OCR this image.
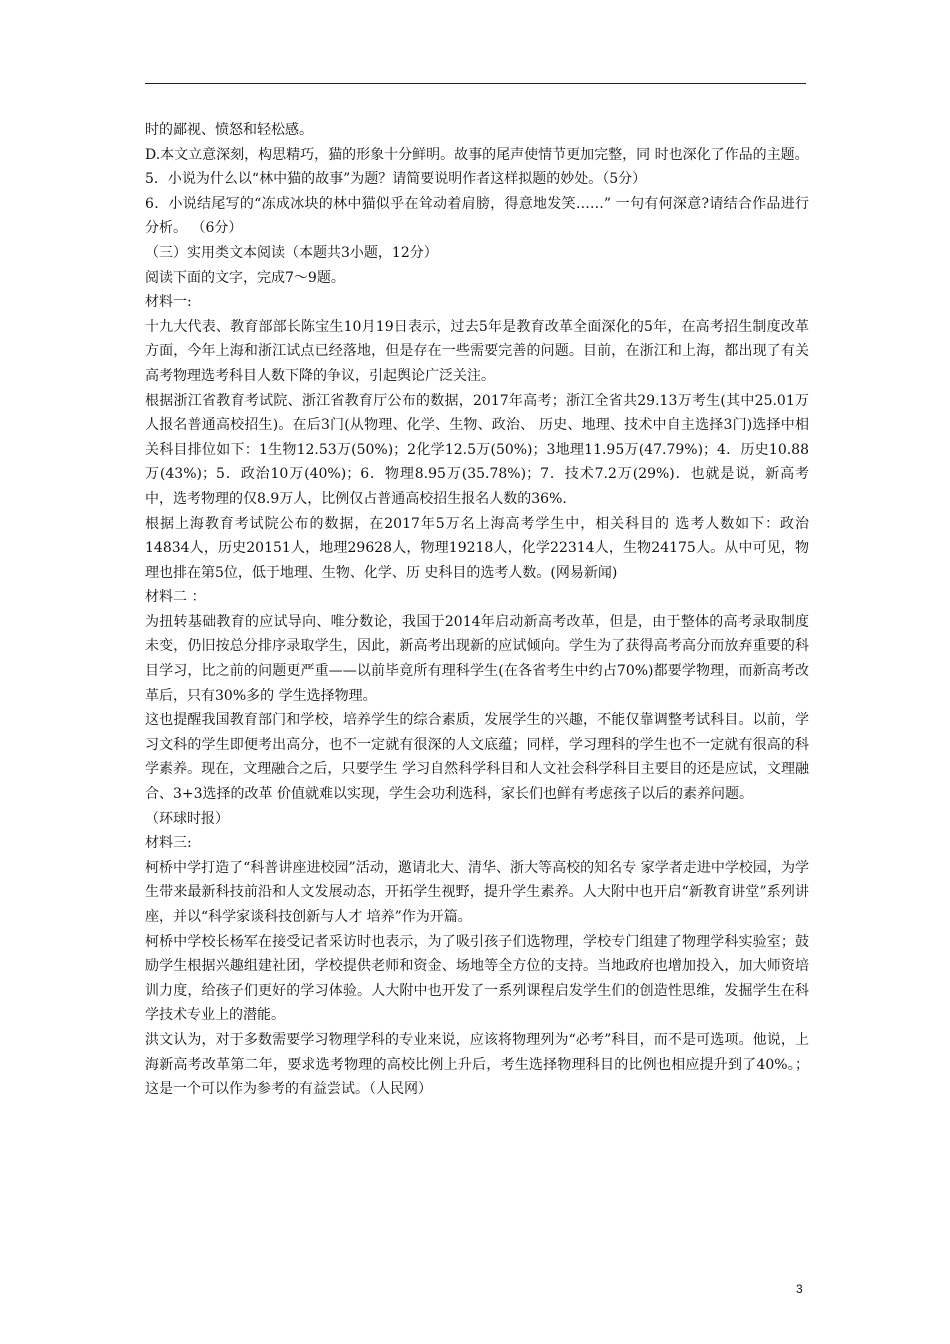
时的鄙视、愤怒和轻松感。

D.本文立意深刻，构思精巧，猫的形象十分鲜明。故事的尾声使情节更加完整，同 时也深化了作品的主题。

5．小说为什么以“林中猫的故事”为题？请简要说明作者这样拟题的妙处。（5分）

6．小说结尾写的“冻成冰块的林中猫似乎在耸动着肩膀，得意地发笑……” 一句有何深意?请结合作品进行分析。 （6分）

（三）实用类文本阅读（本题共3小题，12分）

阅读下面的文字，完成7〜9题。

材料一:

十九大代表、教育部部长陈宝生10月19日表示，过去5年是教育改革全面深化的5年，在高考招生制度改革方面，今年上海和浙江试点已经落地，但是存在一些需要完善的问题。目前，在浙江和上海，都出现了有关高考物理选考科目人数下降的争议，引起舆论广泛关注。

根据浙江省教育考试院、浙江省教育厅公布的数据，2017年高考；浙江全省共29.13万考生(其中25.01万人报名普通高校招生)。在后3门(从物理、化学、生物、政治、 历史、地理、技术中自主选择3门)选择中相关科目排位如下：1生物12.53万(50%)；2化学12.5万(50%)；3地理11.95万(47.79%)；4．历史10.88万(43%)；5．政治10万(40%)；6．物理8.95万(35.78%)；7．技术7.2万(29%)．也就是说，新高考中，选考物理的仅8.9万人，比例仅占普通高校招生报名人数的36%.

根据上海教育考试院公布的数据，在2017年5万名上海高考学生中，相关科目的 选考人数如下：政治14834人，历史20151人，地理29628人，物理19218人，化学22314人，生物24175人。从中可见，物理也排在第5位，低于地理、生物、化学、历 史科目的选考人数。(网易新闻)

材料二 ：

为扭转基础教育的应试导向、唯分数论，我国于2014年启动新高考改革，但是，由于整体的高考录取制度未变，仍旧按总分排序录取学生，因此，新高考出现新的应试倾向。学生为了获得高考高分而放弃重要的科目学习，比之前的问题更严重——以前毕竟所有理科学生(在各省考生中约占70%)都要学物理，而新高考改革后，只有30%多的 学生选择物理。

这也提醒我国教育部门和学校，培养学生的综合素质，发展学生的兴趣，不能仅靠调整考试科目。以前，学习文科的学生即便考出高分，也不一定就有很深的人文底蕴；同样，学习理科的学生也不一定就有很高的科学素养。现在，文理融合之后，只要学生 学习自然科学科目和人文社会科学科目主要目的还是应试，文理融合、3+3选择的改革 价值就难以实现，学生会功利选科，家长们也鲜有考虑孩子以后的素养问题。

（环球时报）

材料三:

柯桥中学打造了“科普讲座进校园”活动，邀请北大、清华、浙大等高校的知名专 家学者走进中学校园，为学生带来最新科技前沿和人文发展动态，开拓学生视野，提升学生素养。人大附中也开启“新教育讲堂”系列讲座，并以“科学家谈科技创新与人才 培养”作为开篇。

柯桥中学校长杨军在接受记者采访时也表示，为了吸引孩子们选物理，学校专门组建了物理学科实验室；鼓励学生根据兴趣组建社团，学校提供老师和资金、场地等全方位的支持。当地政府也增加投入，加大师资培训力度，给孩子们更好的学习体验。人大附中也开发了一系列课程启发学生们的创造性思维，发掘学生在科学技术专业上的潜能。

洪文认为，对于多数需要学习物理学科的专业来说，应该将物理列为“必考”科目，而不是可选项。他说，上海新高考改革第二年，要求选考物理的高校比例上升后，考生选择物理科目的比例也相应提升到了40%。；这是一个可以作为参考的有益尝试。（人民网）

3
